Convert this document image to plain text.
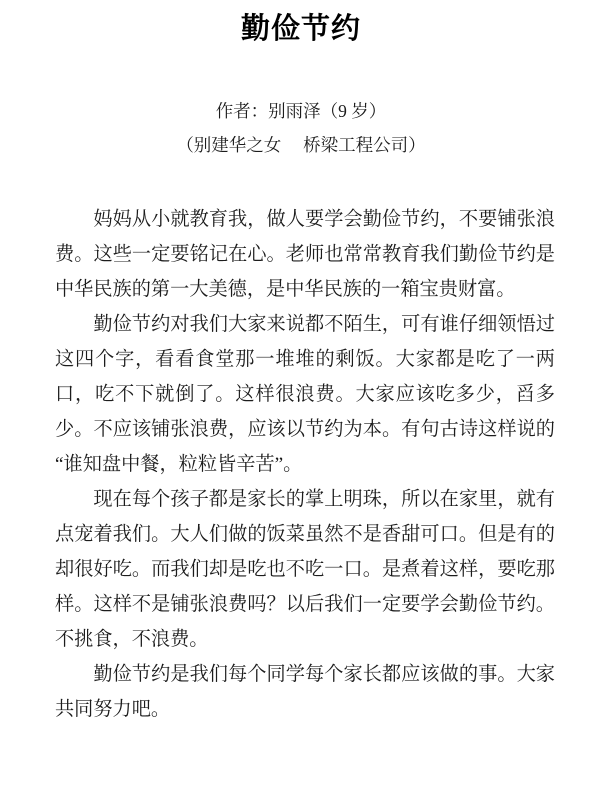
勤俭节约

作者：别雨泽（9 岁）

（别建华之女　 桥梁工程公司）

妈妈从小就教育我，做人要学会勤俭节约，不要铺张浪费。这些一定要铭记在心。老师也常常教育我们勤俭节约是中华民族的第一大美德，是中华民族的一箱宝贵财富。

勤俭节约对我们大家来说都不陌生，可有谁仔细领悟过这四个字，看看食堂那一堆堆的剩饭。大家都是吃了一两口，吃不下就倒了。这样很浪费。大家应该吃多少，舀多少。不应该铺张浪费，应该以节约为本。有句古诗这样说的“谁知盘中餐，粒粒皆辛苦”。

现在每个孩子都是家长的掌上明珠，所以在家里，就有点宠着我们。大人们做的饭菜虽然不是香甜可口。但是有的却很好吃。而我们却是吃也不吃一口。是煮着这样，要吃那样。这样不是铺张浪费吗？以后我们一定要学会勤俭节约。不挑食，不浪费。

勤俭节约是我们每个同学每个家长都应该做的事。大家共同努力吧。
